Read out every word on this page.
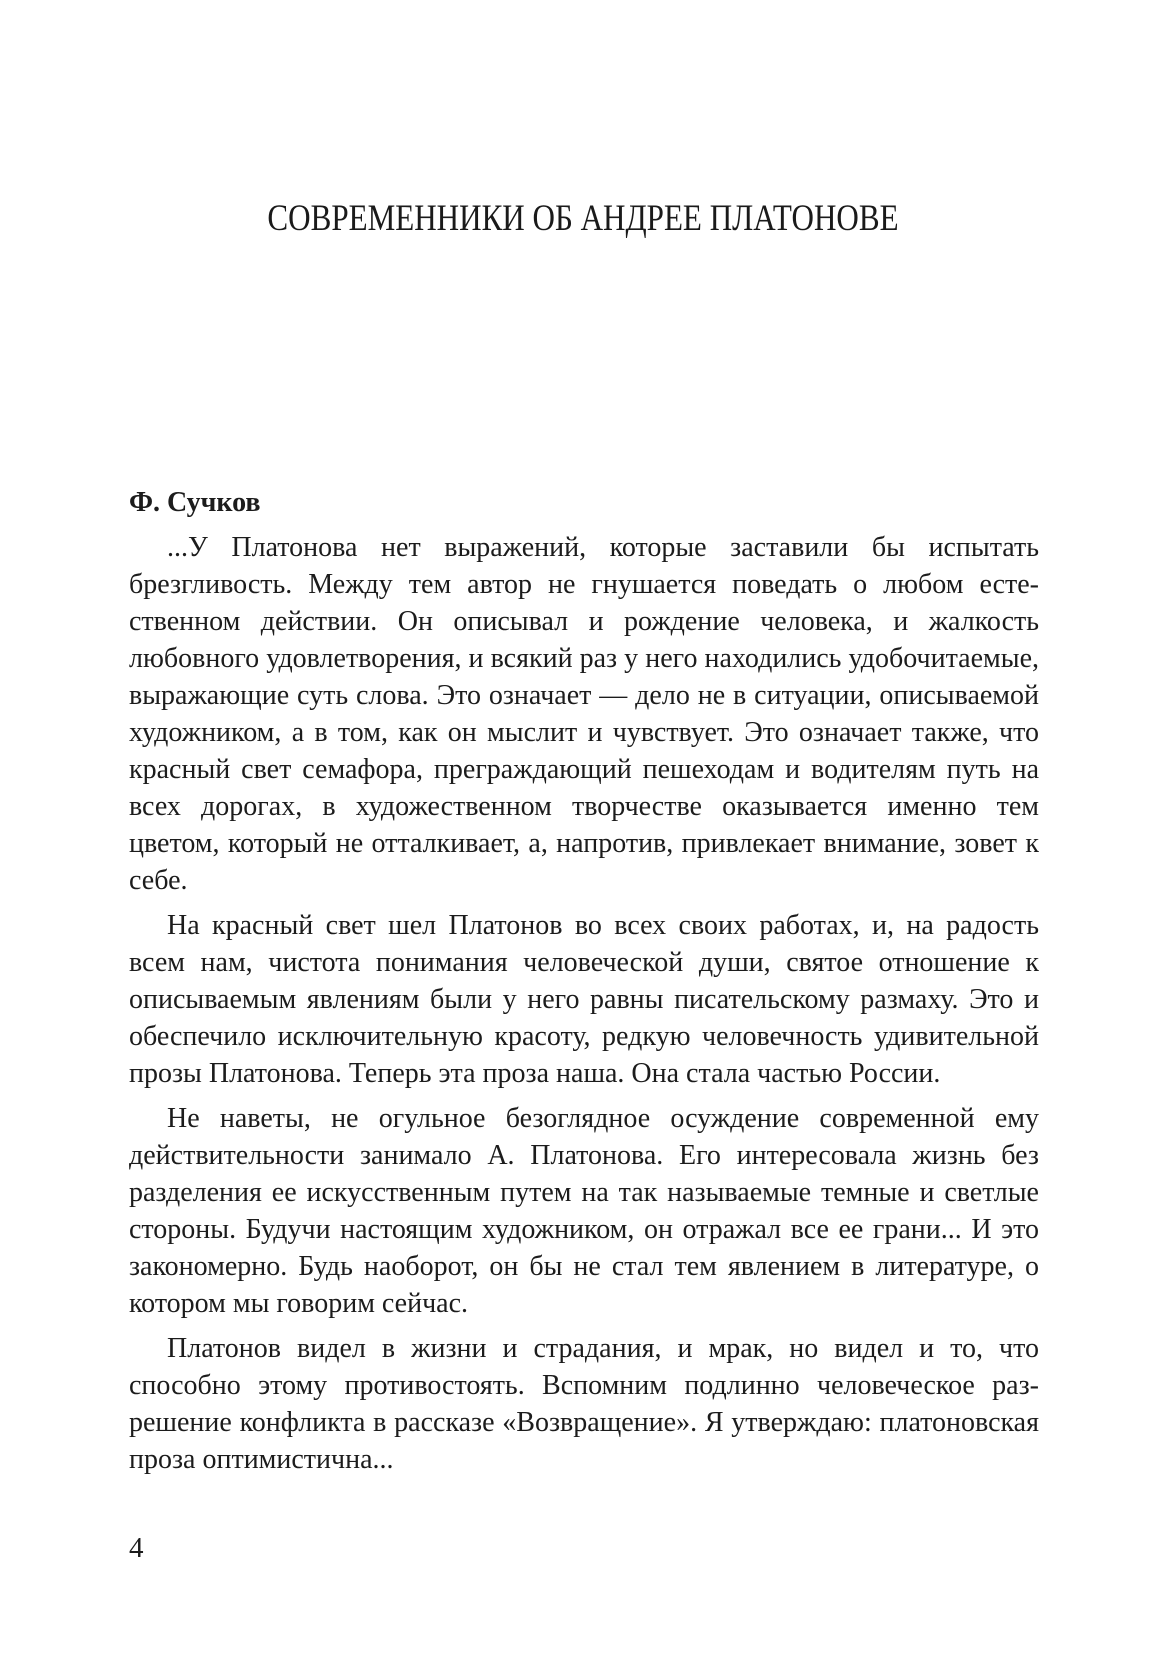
СОВРЕМЕННИКИ ОБ АНДРЕЕ ПЛАТОНОВЕ

Ф. Сучков

...У Платонова нет выражений, которые заставили бы испытать брезгливость. Между тем автор не гнушается поведать о любом естественном действии. Он описывал и рождение человека, и жалкость любовного удовлетворения, и всякий раз у него находились удобочитаемые, выражающие суть слова. Это означает — дело не в ситуации, описываемой художником, а в том, как он мыслит и чувствует. Это означает также, что красный свет семафора, преграждающий пешеходам и водителям путь на всех дорогах, в художественном творчестве оказывается именно тем цветом, который не отталкивает, а, напротив, привлекает внимание, зовет к себе.

На красный свет шел Платонов во всех своих работах, и, на радость всем нам, чистота понимания человеческой души, святое отношение к описываемым явлениям были у него равны писательскому размаху. Это и обеспечило исключительную красоту, редкую человечность удивительной прозы Платонова. Теперь эта проза наша. Она стала частью России.

Не наветы, не огульное безоглядное осуждение современной ему действительности занимало А. Платонова. Его интересовала жизнь без разделения ее искусственным путем на так называемые темные и светлые стороны. Будучи настоящим художником, он отражал все ее грани... И это закономерно. Будь наоборот, он бы не стал тем явлением в литературе, о котором мы говорим сейчас.

Платонов видел в жизни и страдания, и мрак, но видел и то, что способно этому противостоять. Вспомним подлинно человеческое разрешение конфликта в рассказе «Возвращение». Я утверждаю: платоновская проза оптимистична...

4
